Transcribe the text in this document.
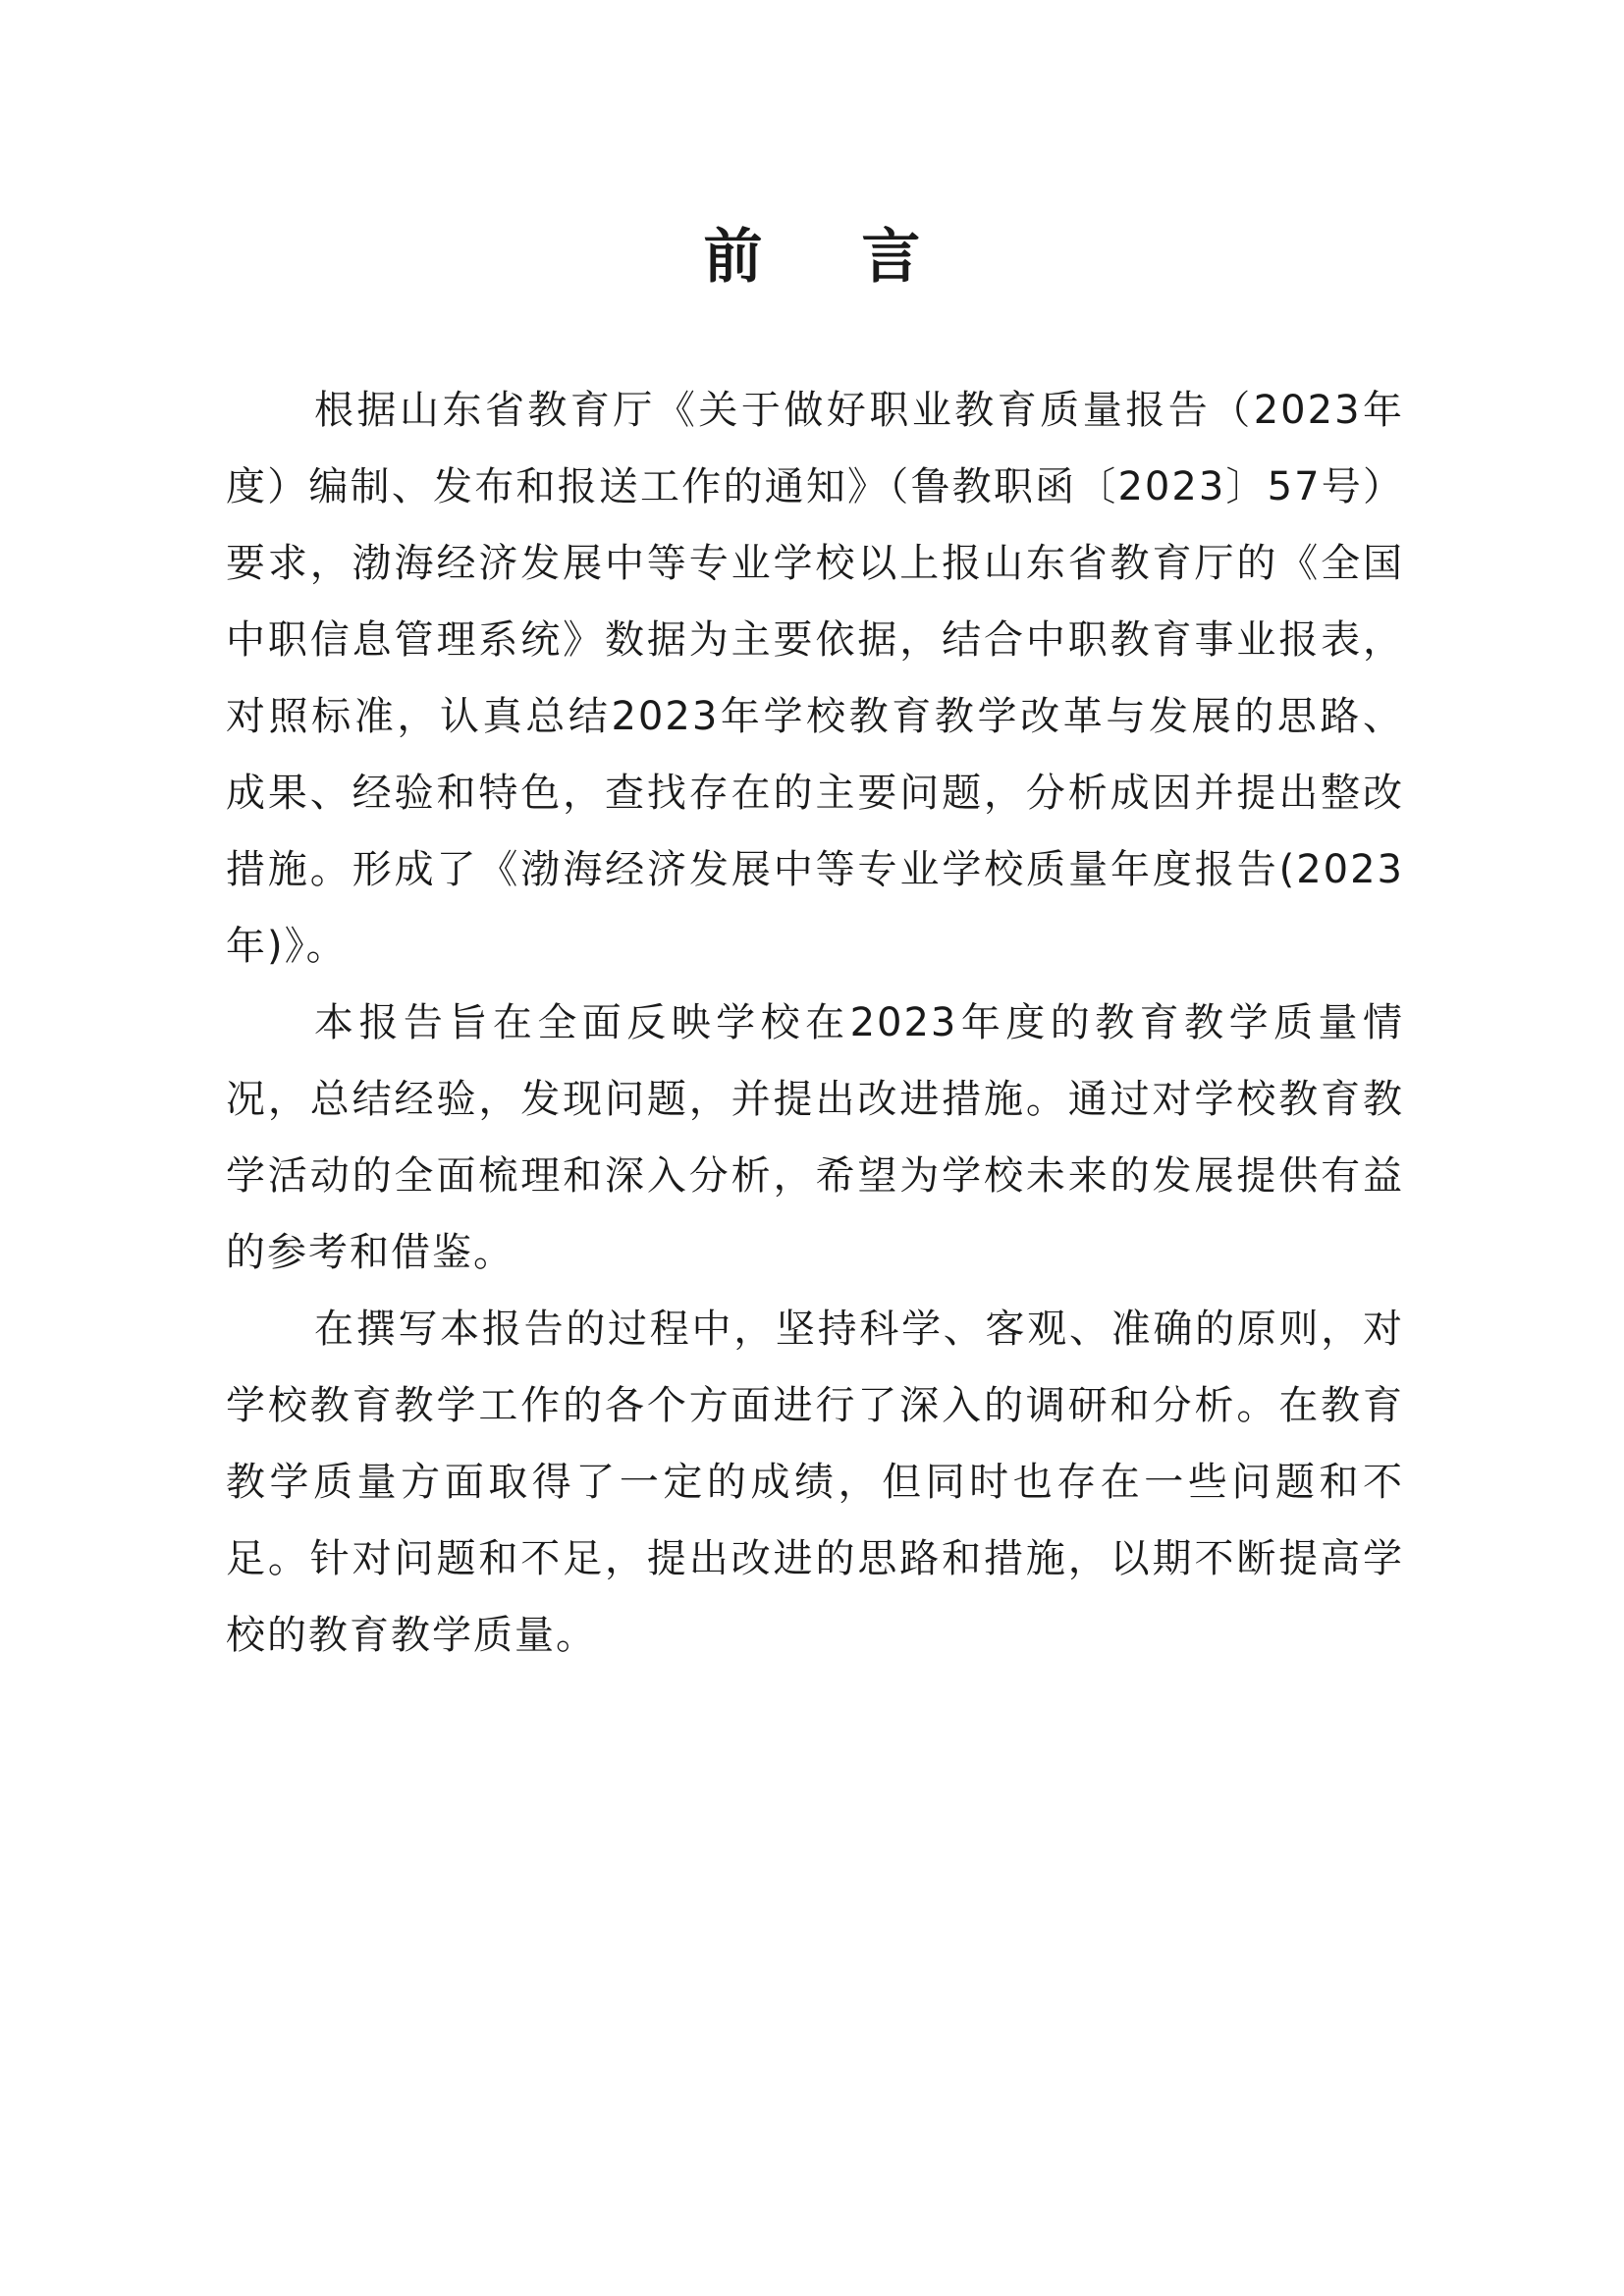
前 言

根据山东省教育厅《关于做好职业教育质量报告（2023年度）编制、发布和报送工作的通知》（鲁教职函〔2023〕57号）要求，渤海经济发展中等专业学校以上报山东省教育厅的《全国中职信息管理系统》数据为主要依据，结合中职教育事业报表，对照标准，认真总结2023年学校教育教学改革与发展的思路、成果、经验和特色，查找存在的主要问题，分析成因并提出整改措施。形成了《渤海经济发展中等专业学校质量年度报告(2023年)》。

本报告旨在全面反映学校在2023年度的教育教学质量情况，总结经验，发现问题，并提出改进措施。通过对学校教育教学活动的全面梳理和深入分析，希望为学校未来的发展提供有益的参考和借鉴。

在撰写本报告的过程中，坚持科学、客观、准确的原则，对学校教育教学工作的各个方面进行了深入的调研和分析。在教育教学质量方面取得了一定的成绩，但同时也存在一些问题和不足。针对问题和不足，提出改进的思路和措施，以期不断提高学校的教育教学质量。
